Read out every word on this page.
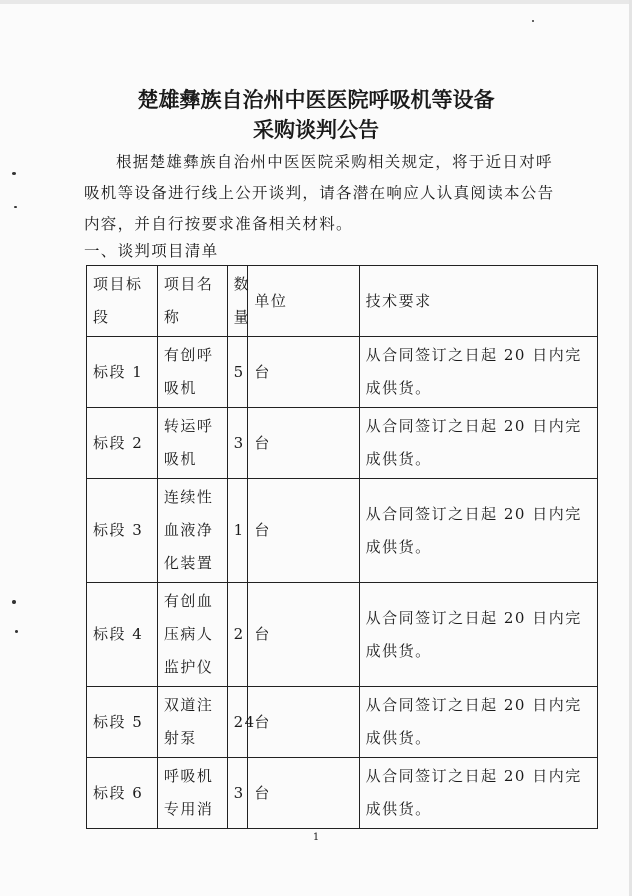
楚雄彝族自治州中医医院呼吸机等设备
采购谈判公告
根据楚雄彝族自治州中医医院采购相关规定，将于近日对呼吸机等设备进行线上公开谈判，请各潜在响应人认真阅读本公告内容，并自行按要求准备相关材料。
一、谈判项目清单
项目标段	项目名称	数量	单位	技术要求
标段 1	有创呼吸机	5	台	从合同签订之日起 20 日内完成供货。
标段 2	转运呼吸机	3	台	从合同签订之日起 20 日内完成供货。
标段 3	连续性血液净化装置	1	台	从合同签订之日起 20 日内完成供货。
标段 4	有创血压病人监护仪	2	台	从合同签订之日起 20 日内完成供货。
标段 5	双道注射泵	24	台	从合同签订之日起 20 日内完成供货。
标段 6	呼吸机专用消	3	台	从合同签订之日起 20 日内完成供货。
1
